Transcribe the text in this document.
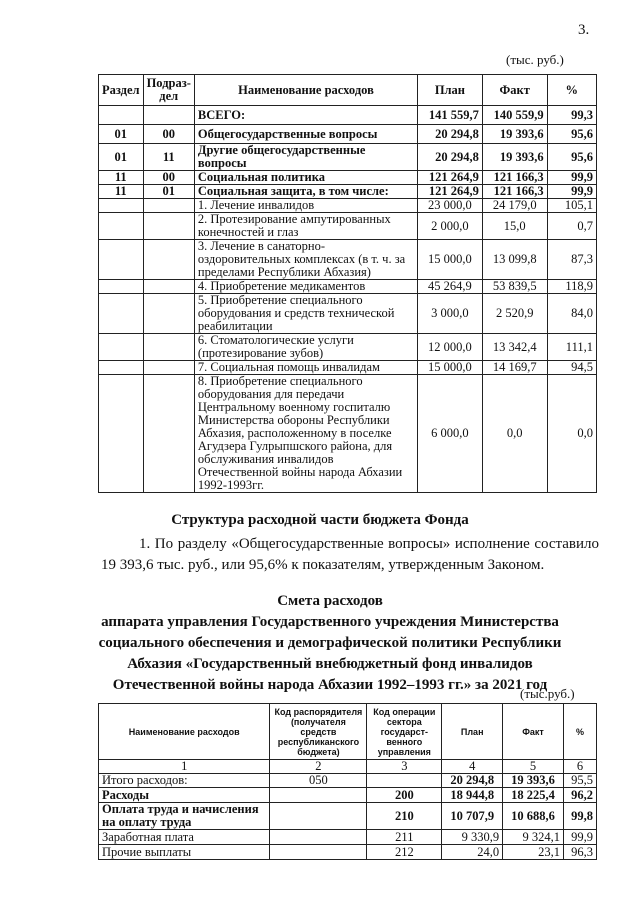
3.
(тыс. руб.)
Раздел	Подраз-дел	Наименование расходов	План	Факт	%
		ВСЕГО:	141 559,7	140 559,9	99,3
01	00	Общегосударственные вопросы	20 294,8	19 393,6	95,6
01	11	Другие общегосударственные вопросы	20 294,8	19 393,6	95,6
11	00	Социальная политика	121 264,9	121 166,3	99,9
11	01	Социальная защита, в том числе:	121 264,9	121 166,3	99,9
		1. Лечение инвалидов	23 000,0	24 179,0	105,1
		2. Протезирование ампутированных конечностей и глаз	2 000,0	15,0	0,7
		3. Лечение в санаторно-оздоровительных комплексах (в т. ч. за пределами Республики Абхазия)	15 000,0	13 099,8	87,3
		4. Приобретение медикаментов	45 264,9	53 839,5	118,9
		5. Приобретение специального оборудования и средств технической реабилитации	3 000,0	2 520,9	84,0
		6. Стоматологические услуги (протезирование зубов)	12 000,0	13 342,4	111,1
		7. Социальная помощь инвалидам	15 000,0	14 169,7	94,5
		8. Приобретение специального оборудования для передачи Центральному военному госпиталю Министерства обороны Республики Абхазия, расположенному в поселке Агудзера Гулрыпшского района, для обслуживания инвалидов Отечественной войны народа Абхазии 1992-1993гг.	6 000,0	0,0	0,0
Структура расходной части бюджета Фонда
1. По разделу «Общегосударственные вопросы» исполнение составило 19 393,6 тыс. руб., или 95,6% к показателям, утвержденным Законом.
Смета расходов
аппарата управления Государственного учреждения Министерства
социального обеспечения и демографической политики Республики
Абхазия «Государственный внебюджетный фонд инвалидов
Отечественной войны народа Абхазии 1992–1993 гг.» за 2021 год
(тыс.руб.)
Наименование расходов	Код распорядителя (получателя средств республиканского бюджета)	Код операции сектора государст-венного управления	План	Факт	%
1	2	3	4	5	6
Итого расходов:	050		20 294,8	19 393,6	95,5
Расходы		200	18 944,8	18 225,4	96,2
Оплата труда и начисления на оплату труда		210	10 707,9	10 688,6	99,8
Заработная плата		211	9 330,9	9 324,1	99,9
Прочие выплаты		212	24,0	23,1	96,3
